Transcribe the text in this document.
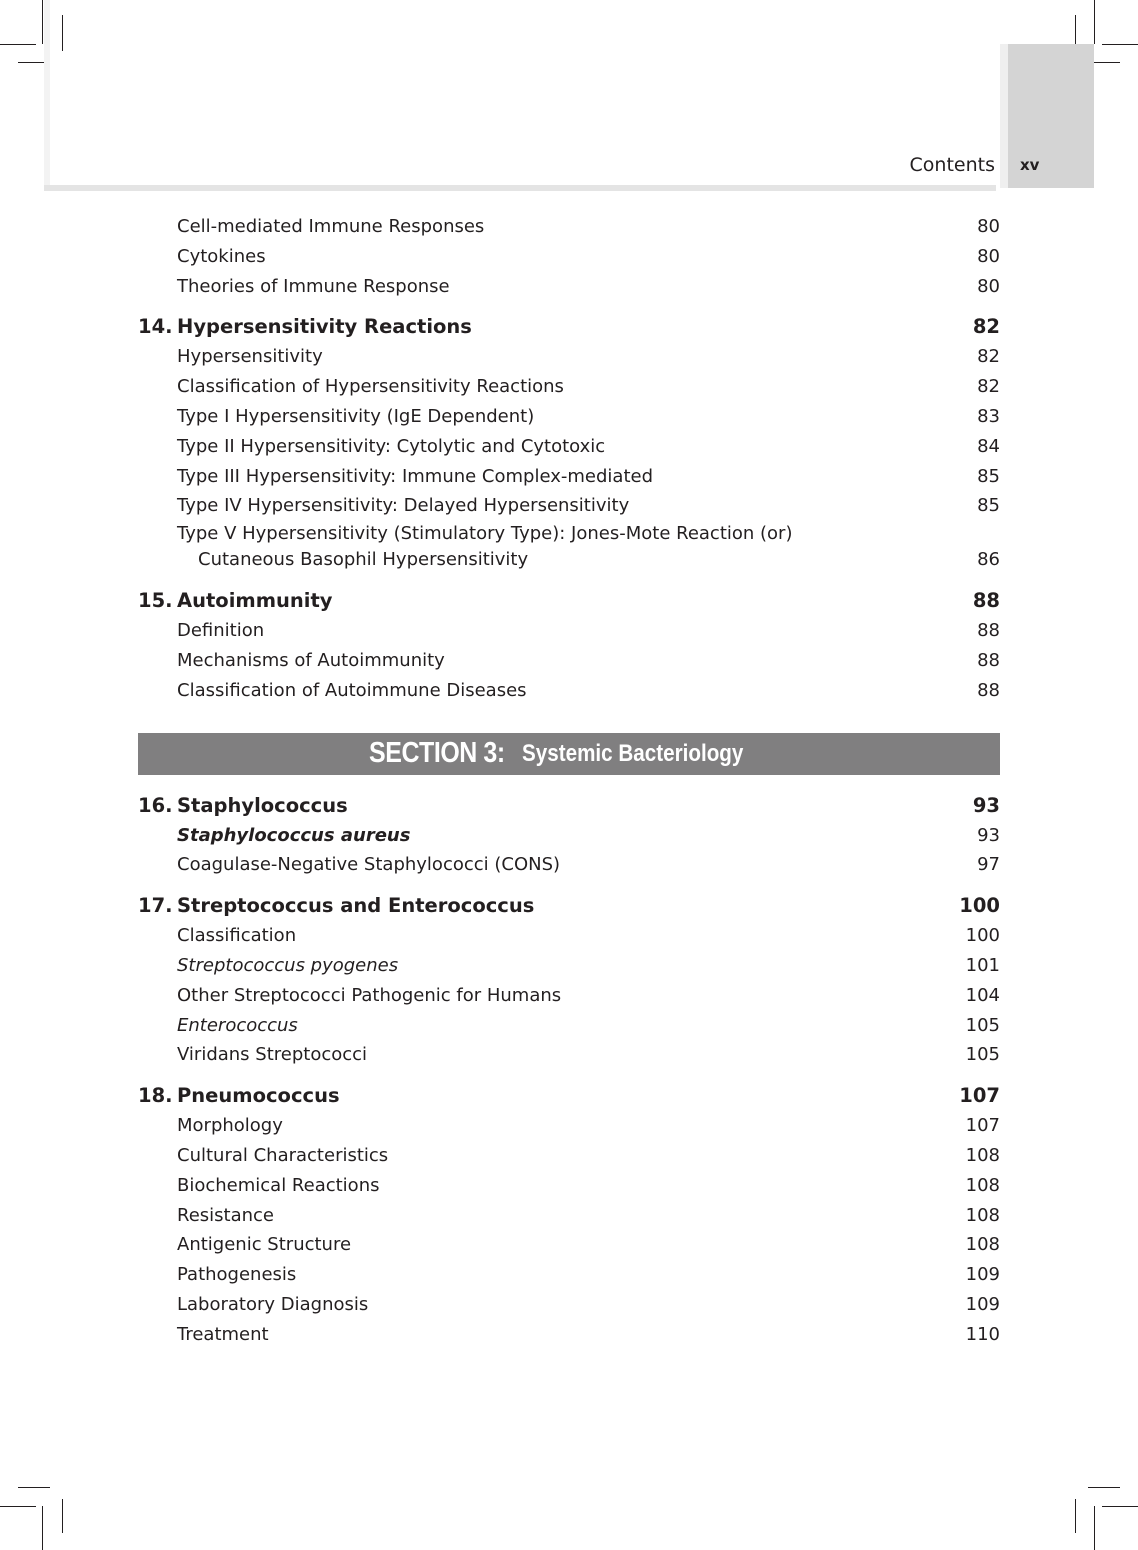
Contents xv
Cell-mediated Immune Responses	80
Cytokines	80
Theories of Immune Response	80
14. Hypersensitivity Reactions	82
Hypersensitivity	82
Classification of Hypersensitivity Reactions	82
Type I Hypersensitivity (IgE Dependent)	83
Type II Hypersensitivity: Cytolytic and Cytotoxic	84
Type III Hypersensitivity: Immune Complex-mediated	85
Type IV Hypersensitivity: Delayed Hypersensitivity	85
Type V Hypersensitivity (Stimulatory Type): Jones-Mote Reaction (or)
Cutaneous Basophil Hypersensitivity	86
15. Autoimmunity	88
Definition	88
Mechanisms of Autoimmunity	88
Classification of Autoimmune Diseases	88
SECTION 3: Systemic Bacteriology
16. Staphylococcus	93
Staphylococcus aureus	93
Coagulase-Negative Staphylococci (CONS)	97
17. Streptococcus and Enterococcus	100
Classification	100
Streptococcus pyogenes	101
Other Streptococci Pathogenic for Humans	104
Enterococcus	105
Viridans Streptococci	105
18. Pneumococcus	107
Morphology	107
Cultural Characteristics	108
Biochemical Reactions	108
Resistance	108
Antigenic Structure	108
Pathogenesis	109
Laboratory Diagnosis	109
Treatment	110
